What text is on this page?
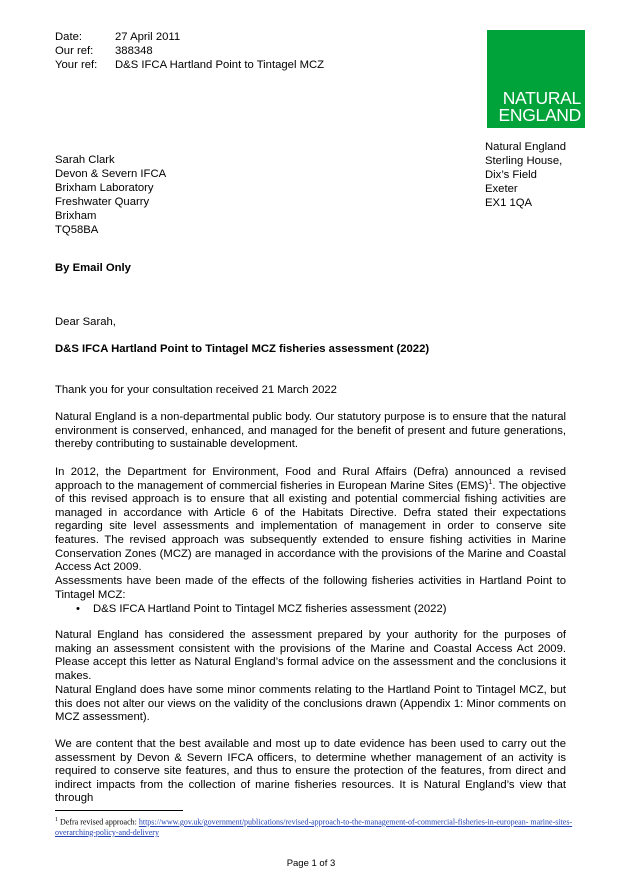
Date:	27 April 2011
Our ref:	388348
Your ref:	D&S IFCA Hartland Point to Tintagel MCZ
NATURAL
ENGLAND
Natural England
Sterling House,
Dix’s Field
Exeter
EX1 1QA
Sarah Clark
Devon & Severn IFCA
Brixham Laboratory
Freshwater Quarry
Brixham
TQ58BA
By Email Only
Dear Sarah,
D&S IFCA Hartland Point to Tintagel MCZ fisheries assessment (2022)

Thank you for your consultation received 21 March 2022

Natural England is a non-departmental public body. Our statutory purpose is to ensure that the natural environment is conserved, enhanced, and managed for the benefit of present and future generations, thereby contributing to sustainable development.

In 2012, the Department for Environment, Food and Rural Affairs (Defra) announced a revised approach to the management of commercial fisheries in European Marine Sites (EMS)$^1$. The objective of this revised approach is to ensure that all existing and potential commercial fishing activities are managed in accordance with Article 6 of the Habitats Directive. Defra stated their expectations regarding site level assessments and implementation of management in order to conserve site features. The revised approach was subsequently extended to ensure fishing activities in Marine Conservation Zones (MCZ) are managed in accordance with the provisions of the Marine and Coastal Access Act 2009.

Assessments have been made of the effects of the following fisheries activities in Hartland Point to Tintagel MCZ:

•	D&S IFCA Hartland Point to Tintagel MCZ fisheries assessment (2022)

Natural England has considered the assessment prepared by your authority for the purposes of making an assessment consistent with the provisions of the Marine and Coastal Access Act 2009. Please accept this letter as Natural England’s formal advice on the assessment and the conclusions it makes.

Natural England does have some minor comments relating to the Hartland Point to Tintagel MCZ, but this does not alter our views on the validity of the conclusions drawn (Appendix 1: Minor comments on MCZ assessment).

We are content that the best available and most up to date evidence has been used to carry out the assessment by Devon & Severn IFCA officers, to determine whether management of an activity is required to conserve site features, and thus to ensure the protection of the features, from direct and indirect impacts from the collection of marine fisheries resources. It is Natural England’s view that through

$^1$ Defra revised approach: https://www.gov.uk/government/publications/revised-approach-to-the-management-of-commercial-fisheries-in-european- marine-sites-overarching-policy-and-delivery
Page 1 of 3
